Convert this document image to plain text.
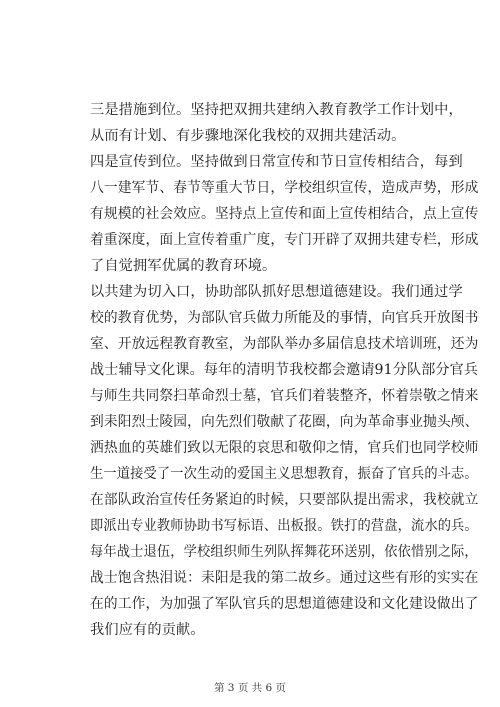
三是措施到位。坚持把双拥共建纳入教育教学工作计划中，
从而有计划、有步骤地深化我校的双拥共建活动。
四是宣传到位。坚持做到日常宣传和节日宣传相结合，每到
八一建军节、春节等重大节日，学校组织宣传，造成声势，形成
有规模的社会效应。坚持点上宣传和面上宣传相结合，点上宣传
着重深度，面上宣传着重广度，专门开辟了双拥共建专栏，形成
了自觉拥军优属的教育环境。
以共建为切入口，协助部队抓好思想道德建设。我们通过学
校的教育优势，为部队官兵做力所能及的事情，向官兵开放图书
室、开放远程教育教室，为部队举办多届信息技术培训班，还为
战士辅导文化课。每年的清明节我校都会邀请91分队部分官兵
与师生共同祭扫革命烈士墓，官兵们着装整齐，怀着崇敬之情来
到耒阳烈士陵园，向先烈们敬献了花圈，向为革命事业抛头颅、
洒热血的英雄们致以无限的哀思和敬仰之情，官兵们也同学校师
生一道接受了一次生动的爱国主义思想教育，振奋了官兵的斗志。
在部队政治宣传任务紧迫的时候，只要部队提出需求，我校就立
即派出专业教师协助书写标语、出板报。铁打的营盘，流水的兵。
每年战士退伍，学校组织师生列队挥舞花环送别，依依惜别之际，
战士饱含热泪说：耒阳是我的第二故乡。通过这些有形的实实在
在的工作，为加强了军队官兵的思想道德建设和文化建设做出了
我们应有的贡献。
第 3 页 共 6 页
